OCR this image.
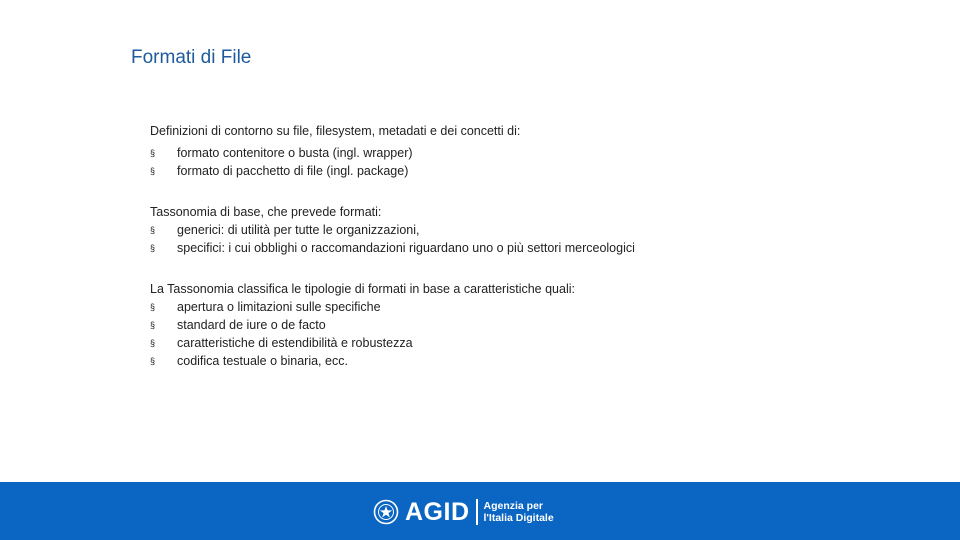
Formati di File

Definizioni di contorno su file, filesystem, metadati e dei concetti di:

§ formato contenitore o busta (ingl. wrapper)
§ formato di pacchetto di file (ingl. package)

Tassonomia di base, che prevede formati:

§ generici: di utilità per tutte le organizzazioni,
§ specifici: i cui obblighi o raccomandazioni riguardano uno o più settori merceologici

La Tassonomia classifica le tipologie di formati in base a caratteristiche quali:

§ apertura o limitazioni sulle specifiche
§ standard de iure o de facto
§ caratteristiche di estendibilità e robustezza
§ codifica testuale o binaria, ecc.
AGID Agenzia per
l'Italia Digitale
